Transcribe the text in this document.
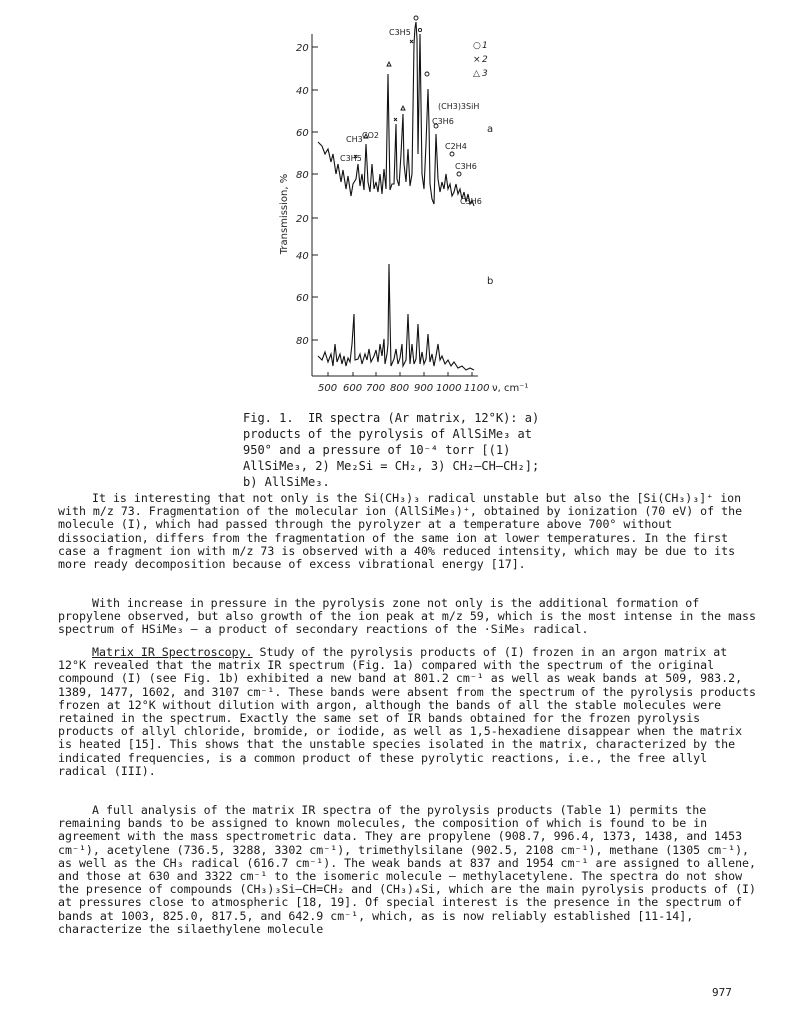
Transmission, %
20
40
60
80
20
40
60
80
C3H5
(CH3)3SiH
C3H6
C2H4
C3H6
C3H6
CH3 CO2
C3H5
○ 1
× 2
△ 3
a
b
500 600 700 800 900 1000 1100 ν, cm⁻¹
Fig. 1.  IR spectra (Ar matrix, 12°K): a)
products of the pyrolysis of AllSiMe₃ at
950° and a pressure of 10⁻⁴ torr [(1)
AllSiMe₃, 2) Me₂Si = CH₂, 3) CH₂—CH—CH₂];
b) AllSiMe₃.

It is interesting that not only is the Si(CH₃)₃ radical unstable but also the [Si(CH₃)₃]⁺ ion with m/z 73. Fragmentation of the molecular ion (AllSiMe₃)⁺, obtained by ionization (70 eV) of the molecule (I), which had passed through the pyrolyzer at a temperature above 700° without dissociation, differs from the fragmentation of the same ion at lower temperatures. In the first case a fragment ion with m/z 73 is observed with a 40% reduced intensity, which may be due to its more ready decomposition because of excess vibrational energy [17].

With increase in pressure in the pyrolysis zone not only is the additional formation of propylene observed, but also growth of the ion peak at m/z 59, which is the most intense in the mass spectrum of HSiMe₃ — a product of secondary reactions of the ·SiMe₃ radical.

Matrix IR Spectroscopy. Study of the pyrolysis products of (I) frozen in an argon matrix at 12°K revealed that the matrix IR spectrum (Fig. 1a) compared with the spectrum of the original compound (I) (see Fig. 1b) exhibited a new band at 801.2 cm⁻¹ as well as weak bands at 509, 983.2, 1389, 1477, 1602, and 3107 cm⁻¹. These bands were absent from the spectrum of the pyrolysis products frozen at 12°K without dilution with argon, although the bands of all the stable molecules were retained in the spectrum. Exactly the same set of IR bands obtained for the frozen pyrolysis products of allyl chloride, bromide, or iodide, as well as 1,5-hexadiene disappear when the matrix is heated [15]. This shows that the unstable species isolated in the matrix, characterized by the indicated frequencies, is a common product of these pyrolytic reactions, i.e., the free allyl radical (III).

A full analysis of the matrix IR spectra of the pyrolysis products (Table 1) permits the remaining bands to be assigned to known molecules, the composition of which is found to be in agreement with the mass spectrometric data. They are propylene (908.7, 996.4, 1373, 1438, and 1453 cm⁻¹), acetylene (736.5, 3288, 3302 cm⁻¹), trimethylsilane (902.5, 2108 cm⁻¹), methane (1305 cm⁻¹), as well as the CH₃ radical (616.7 cm⁻¹). The weak bands at 837 and 1954 cm⁻¹ are assigned to allene, and those at 630 and 3322 cm⁻¹ to the isomeric molecule — methylacetylene. The spectra do not show the presence of compounds (CH₃)₃Si—CH=CH₂ and (CH₃)₄Si, which are the main pyrolysis products of (I) at pressures close to atmospheric [18, 19]. Of special interest is the presence in the spectrum of bands at 1003, 825.0, 817.5, and 642.9 cm⁻¹, which, as is now reliably established [11-14], characterize the silaethylene molecule

977
